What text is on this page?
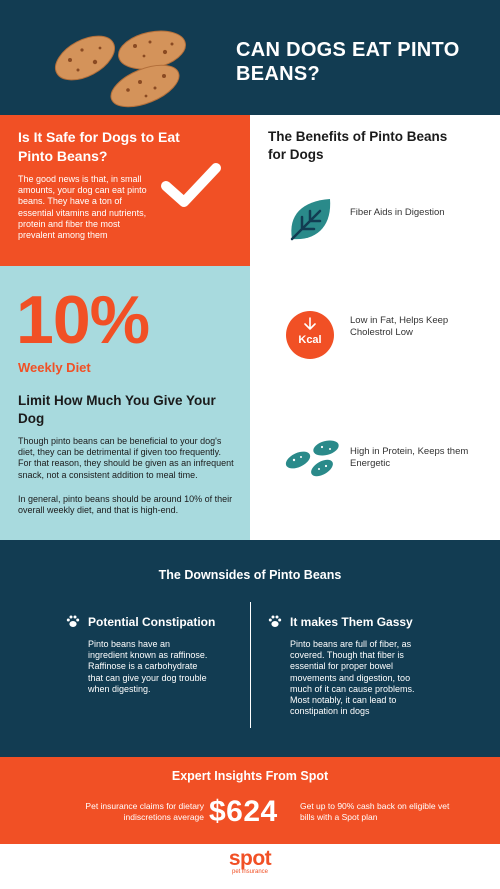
CAN DOGS EAT PINTO BEANS?
Is It Safe for Dogs to Eat Pinto Beans?
The good news is that, in small amounts, your dog can eat pinto beans. They have a ton of essential vitamins and nutrients, protein and fiber the most prevalent among them
The Benefits of Pinto Beans for Dogs
Fiber Aids in Digestion
Kcal
Low in Fat, Helps Keep Cholestrol Low
High in Protein, Keeps them Energetic
10%
Weekly Diet
Limit How Much You Give Your Dog
Though pinto beans can be beneficial to your dog's diet, they can be detrimental if given too frequently. For that reason, they should be given as an infrequent snack, not a consistent addition to meal time.
In general, pinto beans should be around 10% of their overall weekly diet, and that is high-end.
The Downsides of Pinto Beans
Potential Constipation
Pinto beans have an ingredient known as raffinose. Raffinose is a carbohydrate that can give your dog trouble when digesting.
It makes Them Gassy
Pinto beans are full of fiber, as covered. Though that fiber is essential for proper bowel movements and digestion, too much of it can cause problems. Most notably, it can lead to constipation in dogs
Expert Insights From Spot
Pet insurance claims for dietary indiscretions average $624	Get up to 90% cash back on eligible vet bills with a Spot plan
spot
pet insurance
